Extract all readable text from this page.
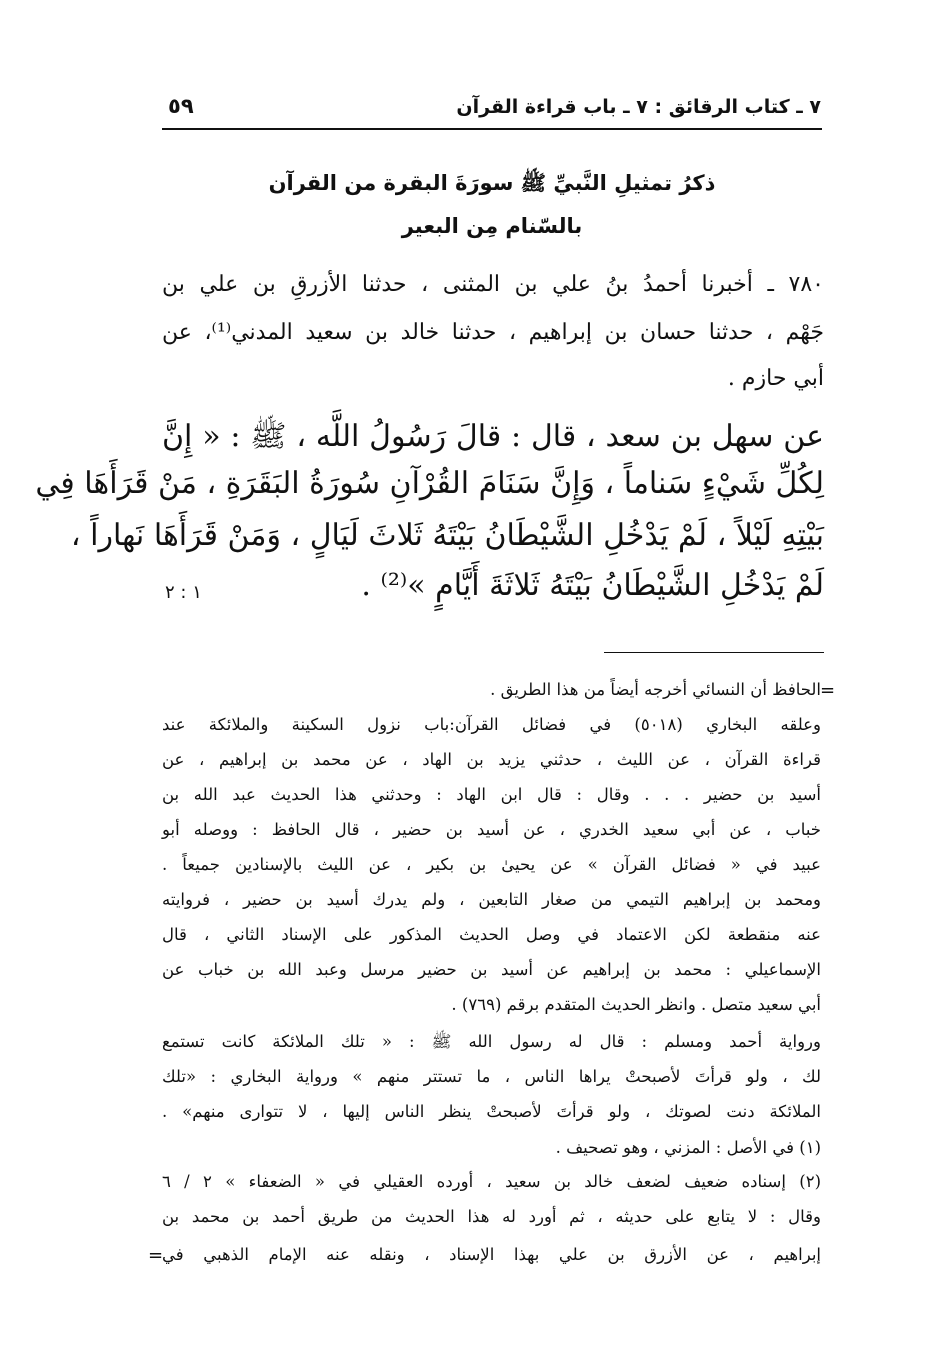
٧ ـ كتاب الرقائق : ٧ ـ باب قراءة القرآن
٥٩
ذكرُ تمثيلِ النَّبيِّ ﷺ سورَةَ البقرة من القرآن
بالسّنام مِن البعير
٧٨٠ ـ أخبرنا أحمدُ بنُ علي بن المثنى ، حدثنا الأزرقِ بن علي بن
جَهْم ، حدثنا حسان بن إبراهيم ، حدثنا خالد بن سعيد المدني⁽¹⁾، عن
أبي حازم .
عن سهل بن سعد ، قال : قالَ رَسُولُ اللَّه ، ﷺ : « إِنَّ
لِكُلِّ شَيْءٍ سَناماً ، وَإِنَّ سَنَامَ القُرْآنِ سُورَةُ البَقَرَةِ ، مَنْ قَرَأَهَا فِي
بَيْتِهِ لَيْلاً ، لَمْ يَدْخُلِ الشَّيْطَانُ بَيْتَهُ ثَلاثَ لَيَالٍ ، وَمَنْ قَرَأَهَا نَهاراً ،
لَمْ يَدْخُلِ الشَّيْطَانُ بَيْتَهُ ثَلاثَةَ أَيَّامٍ »⁽²⁾ .
١ : ٢
=
الحافظ أن النسائي أخرجه أيضاً من هذا الطريق .
وعلقه البخاري (٥٠١٨) في فضائل القرآن:باب نزول السكينة والملائكة عند
قراءة القرآن ، عن الليث ، حدثني يزيد بن الهاد ، عن محمد بن إبراهيم ، عن
أسيد بن حضير . . . وقال : قال ابن الهاد : وحدثني هذا الحديث عبد الله بن
خباب ، عن أبي سعيد الخدري ، عن أسيد بن حضير ، قال الحافظ : ووصله أبو
عبيد في « فضائل القرآن » عن يحيىٰ بن بكير ، عن الليث بالإسنادين جميعاً .
ومحمد بن إبراهيم التيمي من صغار التابعين ، ولم يدرك أسيد بن حضير ، فروايته
عنه منقطعة لكن الاعتماد في وصل الحديث المذكور على الإسناد الثاني ، قال
الإسماعيلي : محمد بن إبراهيم عن أسيد بن حضير مرسل وعبد الله بن خباب عن
أبي سعيد متصل . وانظر الحديث المتقدم برقم (٧٦٩) .
ورواية أحمد ومسلم : قال له رسول الله ﷺ : « تلك الملائكة كانت تستمع
لك ، ولو قرأتَ لأصبحتْ يراها الناس ، ما تستتر منهم » ورواية البخاري : «تلك
الملائكة دنت لصوتك ، ولو قرأتَ لأصبحتْ ينظر الناس إليها ، لا تتوارى منهم» .
(١) في الأصل : المزني ، وهو تصحيف .
(٢) إسناده ضعيف لضعف خالد بن سعيد ، أورده العقيلي في « الضعفاء » ٢ / ٦
وقال : لا يتابع على حديثه ، ثم أورد له هذا الحديث من طريق أحمد بن محمد بن
إبراهيم ، عن الأزرق بن علي بهذا الإسناد ، ونقله عنه الإمام الذهبي في
=
